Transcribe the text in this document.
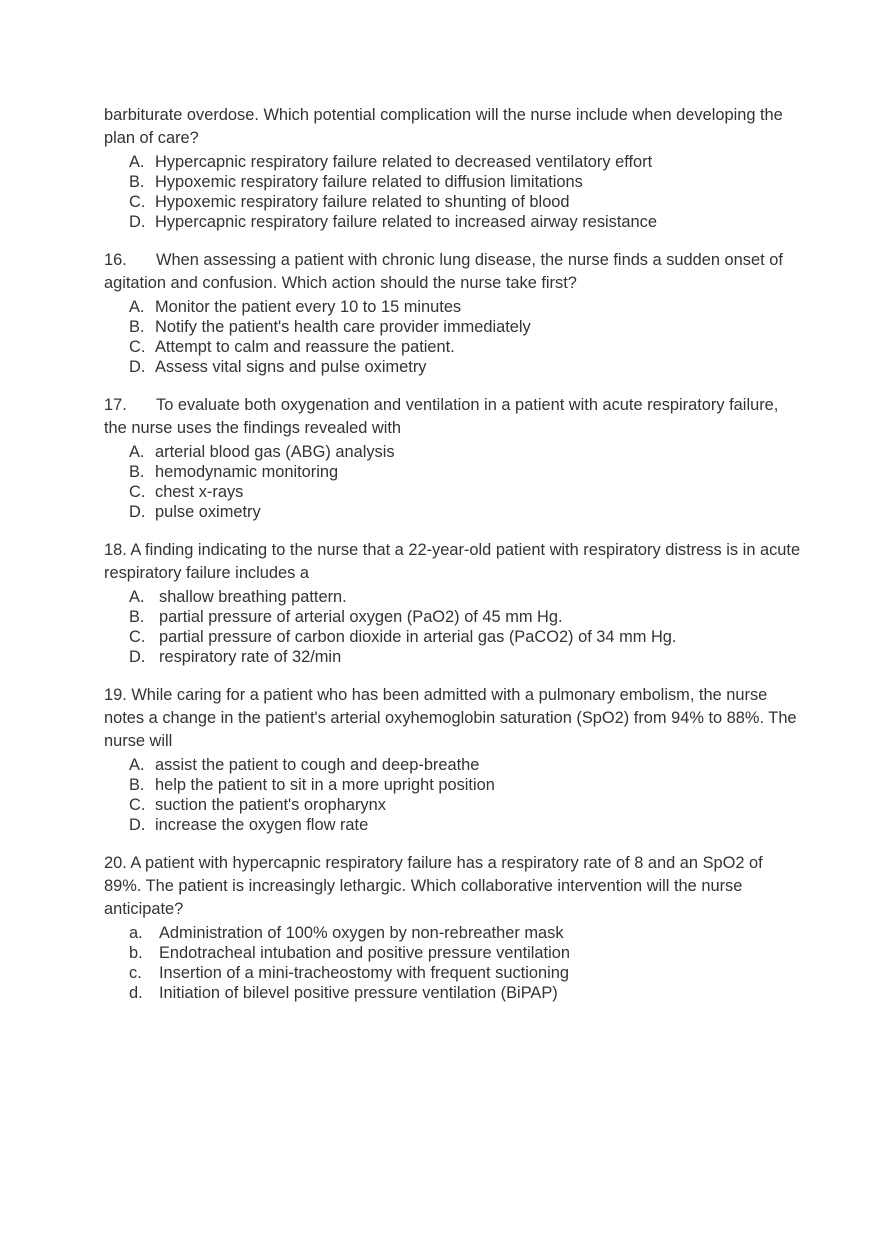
barbiturate overdose. Which potential complication will the nurse include when developing the plan of care?
A. Hypercapnic respiratory failure related to decreased ventilatory effort
B. Hypoxemic respiratory failure related to diffusion limitations
C. Hypoxemic respiratory failure related to shunting of blood
D. Hypercapnic respiratory failure related to increased airway resistance
16. When assessing a patient with chronic lung disease, the nurse finds a sudden onset of agitation and confusion. Which action should the nurse take first?
A. Monitor the patient every 10 to 15 minutes
B. Notify the patient's health care provider immediately
C. Attempt to calm and reassure the patient.
D. Assess vital signs and pulse oximetry
17. To evaluate both oxygenation and ventilation in a patient with acute respiratory failure, the nurse uses the findings revealed with
A. arterial blood gas (ABG) analysis
B. hemodynamic monitoring
C. chest x-rays
D. pulse oximetry
18. A finding indicating to the nurse that a 22-year-old patient with respiratory distress is in acute respiratory failure includes a
A. shallow breathing pattern.
B. partial pressure of arterial oxygen (PaO2) of 45 mm Hg.
C. partial pressure of carbon dioxide in arterial gas (PaCO2) of 34 mm Hg.
D. respiratory rate of 32/min
19. While caring for a patient who has been admitted with a pulmonary embolism, the nurse notes a change in the patient's arterial oxyhemoglobin saturation (SpO2) from 94% to 88%. The nurse will
A. assist the patient to cough and deep-breathe
B. help the patient to sit in a more upright position
C. suction the patient's oropharynx
D. increase the oxygen flow rate
20. A patient with hypercapnic respiratory failure has a respiratory rate of 8 and an SpO2 of 89%. The patient is increasingly lethargic. Which collaborative intervention will the nurse anticipate?
a. Administration of 100% oxygen by non-rebreather mask
b. Endotracheal intubation and positive pressure ventilation
c.	Insertion of a mini-tracheostomy with frequent suctioning
d. Initiation of bilevel positive pressure ventilation (BiPAP)
